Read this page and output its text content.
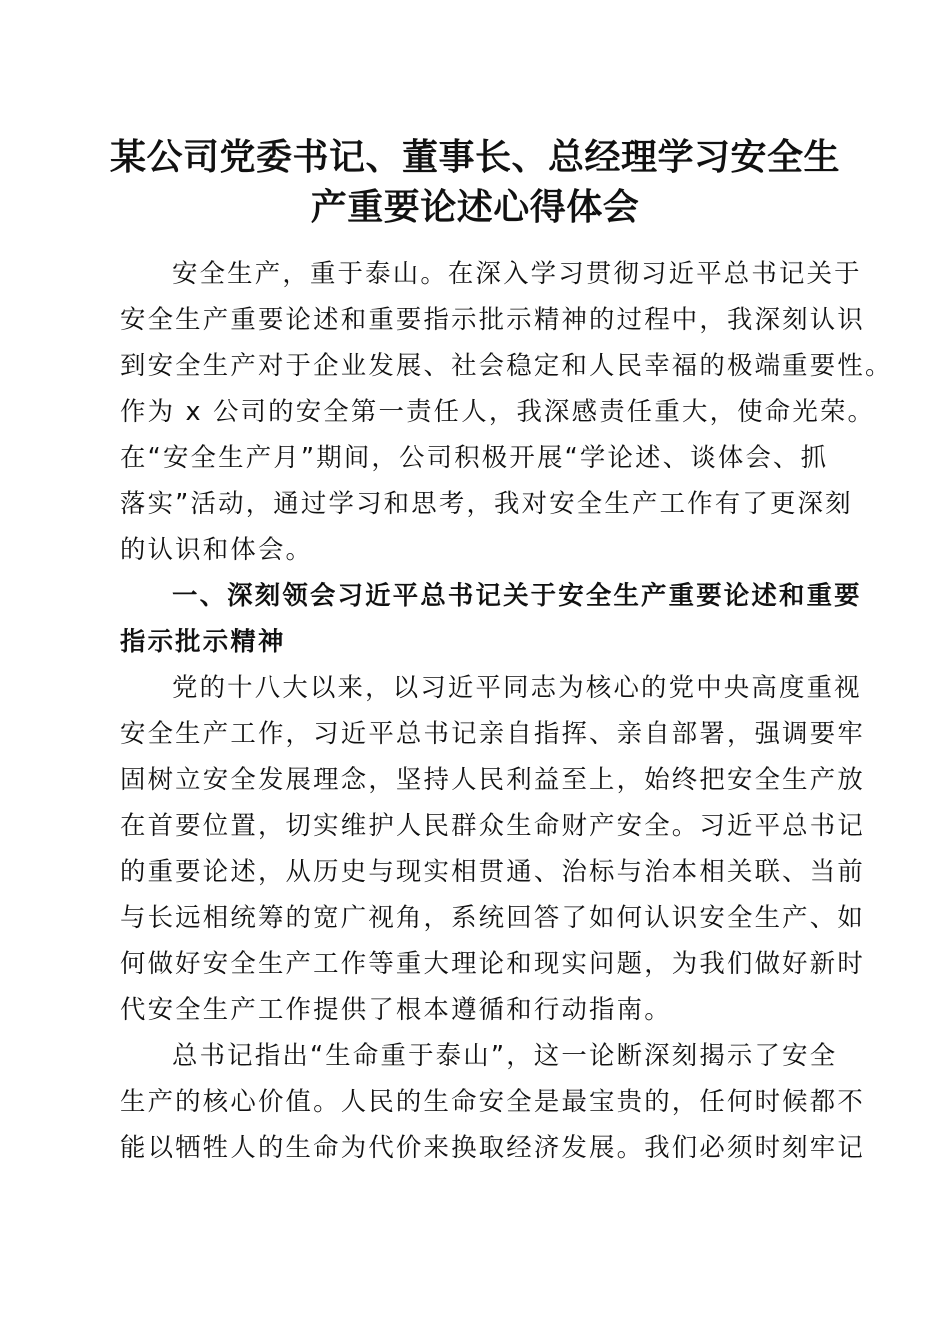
某公司党委书记、董事长、总经理学习安全生
产重要论述心得体会
安全生产，重于泰山。在深入学习贯彻习近平总书记关于
安全生产重要论述和重要指示批示精神的过程中，我深刻认识
到安全生产对于企业发展、社会稳定和人民幸福的极端重要性。
作为 x 公司的安全第一责任人，我深感责任重大，使命光荣。
在“安全生产月”期间，公司积极开展“学论述、谈体会、抓
落实”活动，通过学习和思考，我对安全生产工作有了更深刻
的认识和体会。
一、深刻领会习近平总书记关于安全生产重要论述和重要
指示批示精神
党的十八大以来，以习近平同志为核心的党中央高度重视
安全生产工作，习近平总书记亲自指挥、亲自部署，强调要牢
固树立安全发展理念，坚持人民利益至上，始终把安全生产放
在首要位置，切实维护人民群众生命财产安全。习近平总书记
的重要论述，从历史与现实相贯通、治标与治本相关联、当前
与长远相统筹的宽广视角，系统回答了如何认识安全生产、如
何做好安全生产工作等重大理论和现实问题，为我们做好新时
代安全生产工作提供了根本遵循和行动指南。
总书记指出“生命重于泰山”，这一论断深刻揭示了安全
生产的核心价值。人民的生命安全是最宝贵的，任何时候都不
能以牺牲人的生命为代价来换取经济发展。我们必须时刻牢记
